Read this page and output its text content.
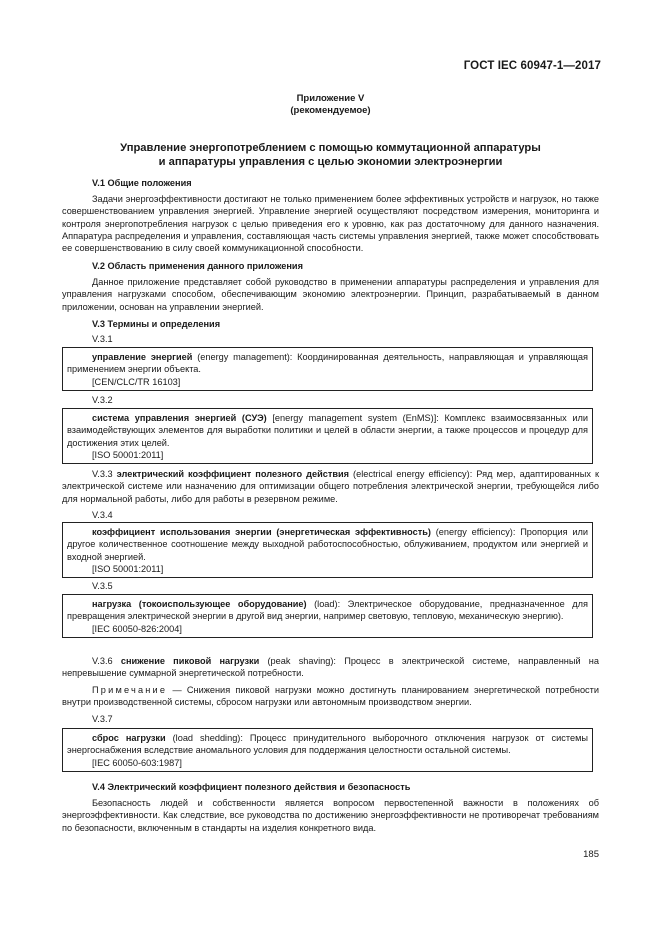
ГОСТ IEC 60947-1—2017
Приложение V
(рекомендуемое)
Управление энергопотреблением с помощью коммутационной аппаратуры
и аппаратуры управления с целью экономии электроэнергии
V.1 Общие положения
Задачи энергоэффективности достигают не только применением более эффективных устройств и нагрузок, но также совершенствованием управления энергией. Управление энергией осуществляют посредством измерения, мониторинга и контроля энергопотребления нагрузок с целью приведения его к уровню, как раз достаточному для данного назначения. Аппаратура распределения и управления, составляющая часть системы управления энергией, также может способствовать ее совершенствованию в силу своей коммуникационной способности.
V.2 Область применения данного приложения
Данное приложение представляет собой руководство в применении аппаратуры распределения и управления для управления нагрузками способом, обеспечивающим экономию электроэнергии. Принцип, разрабатываемый в данном приложении, основан на управлении энергией.
V.3 Термины и определения
V.3.1
управление энергией (energy management): Координированная деятельность, направляющая и управляющая применением энергии объекта.
[CEN/CLC/TR 16103]
V.3.2
система управления энергией (СУЭ) [energy management system (EnMS)]: Комплекс взаимосвязанных или взаимодействующих элементов для выработки политики и целей в области энергии, а также процессов и процедур для достижения этих целей.
[ISO 50001:2011]
V.3.3 электрический коэффициент полезного действия (electrical energy efficiency): Ряд мер, адаптированных к электрической системе или назначению для оптимизации общего потребления электрической энергии, требующейся либо для нормальной работы, либо для работы в резервном режиме.
V.3.4
коэффициент использования энергии (энергетическая эффективность) (energy efficiency): Пропорция или другое количественное соотношение между выходной работоспособностью, облуживанием, продуктом или энергией и входной энергией.
[ISO 50001:2011]
V.3.5
нагрузка (токоиспользующее оборудование) (load): Электрическое оборудование, предназначенное для превращения электрической энергии в другой вид энергии, например световую, тепловую, механическую энергию).
[IEC 60050-826:2004]
V.3.6 снижение пиковой нагрузки (peak shaving): Процесс в электрической системе, направленный на непревышение суммарной энергетической потребности.
Примечание — Снижения пиковой нагрузки можно достигнуть планированием энергетической потребности внутри производственной системы, сбросом нагрузки или автономным производством энергии.
V.3.7
сброс нагрузки (load shedding): Процесс принудительного выборочного отключения нагрузок от системы энергоснабжения вследствие аномального условия для поддержания целостности остальной системы.
[IEC 60050-603:1987]
V.4 Электрический коэффициент полезного действия и безопасность
Безопасность людей и собственности является вопросом первостепенной важности в положениях об энергоэффективности. Как следствие, все руководства по достижению энергоэффективности не противоречат требованиям по безопасности, включенным в стандарты на изделия конкретного вида.
185
